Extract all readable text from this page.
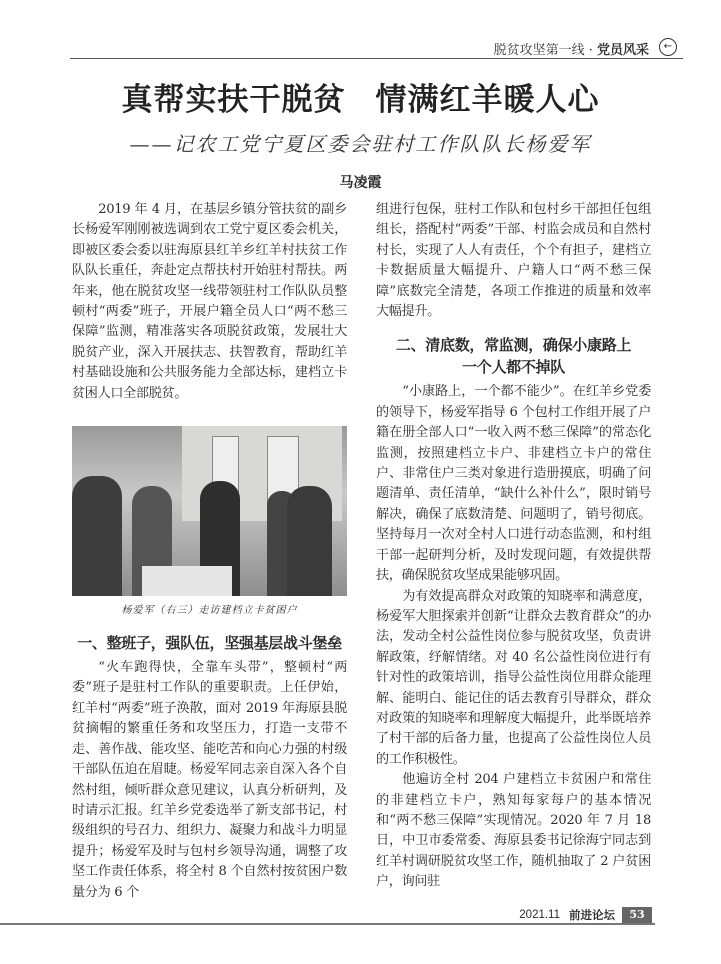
脱贫攻坚第一线 · 党员风采	←
真帮实扶干脱贫 情满红羊暖人心
——记农工党宁夏区委会驻村工作队队长杨爱军
马凌霞

2019 年 4 月，在基层乡镇分管扶贫的副乡长杨爱军刚刚被选调到农工党宁夏区委会机关，即被区委会委以驻海原县红羊乡红羊村扶贫工作队队长重任，奔赴定点帮扶村开始驻村帮扶。两年来，他在脱贫攻坚一线带领驻村工作队队员整顿村“两委”班子，开展户籍全员人口“两不愁三保障”监测，精准落实各项脱贫政策，发展壮大脱贫产业，深入开展扶志、扶智教育，帮助红羊村基础设施和公共服务能力全部达标，建档立卡贫困人口全部脱贫。

杨爱军（右三）走访建档立卡贫困户
一、整班子，强队伍，坚强基层战斗堡垒

“火车跑得快，全靠车头带”，整顿村“两委”班子是驻村工作队的重要职责。上任伊始，红羊村“两委”班子涣散，面对 2019 年海原县脱贫摘帽的繁重任务和攻坚压力，打造一支带不走、善作战、能攻坚、能吃苦和向心力强的村级干部队伍迫在眉睫。杨爱军同志亲自深入各个自然村组，倾听群众意见建议，认真分析研判，及时请示汇报。红羊乡党委选举了新支部书记，村级组织的号召力、组织力、凝聚力和战斗力明显提升；杨爱军及时与包村乡领导沟通，调整了攻坚工作责任体系，将全村 8 个自然村按贫困户数量分为 6 个

组进行包保，驻村工作队和包村乡干部担任包组组长，搭配村“两委”干部、村监会成员和自然村村长，实现了人人有责任，个个有担子，建档立卡数据质量大幅提升、户籍人口“两不愁三保障”底数完全清楚，各项工作推进的质量和效率大幅提升。

二、清底数，常监测，确保小康路上
一个人都不掉队

“小康路上，一个都不能少”。在红羊乡党委的领导下，杨爱军指导 6 个包村工作组开展了户籍在册全部人口“一收入两不愁三保障”的常态化监测，按照建档立卡户、非建档立卡户的常住户、非常住户三类对象进行造册摸底，明确了问题清单、责任清单，“缺什么补什么”，限时销号解决，确保了底数清楚、问题明了，销号彻底。坚持每月一次对全村人口进行动态监测，和村组干部一起研判分析，及时发现问题，有效提供帮扶，确保脱贫攻坚成果能够巩固。

为有效提高群众对政策的知晓率和满意度，杨爱军大胆探索并创新“让群众去教育群众”的办法，发动全村公益性岗位参与脱贫攻坚，负责讲解政策，纾解情绪。对 40 名公益性岗位进行有针对性的政策培训，指导公益性岗位用群众能理解、能明白、能记住的话去教育引导群众，群众对政策的知晓率和理解度大幅提升，此举既培养了村干部的后备力量，也提高了公益性岗位人员的工作积极性。

他遍访全村 204 户建档立卡贫困户和常住的非建档立卡户，熟知每家每户的基本情况和“两不愁三保障”实现情况。2020 年 7 月 18 日，中卫市委常委、海原县委书记徐海宁同志到红羊村调研脱贫攻坚工作，随机抽取了 2 户贫困户，询问驻

2021.11 前进论坛	53
